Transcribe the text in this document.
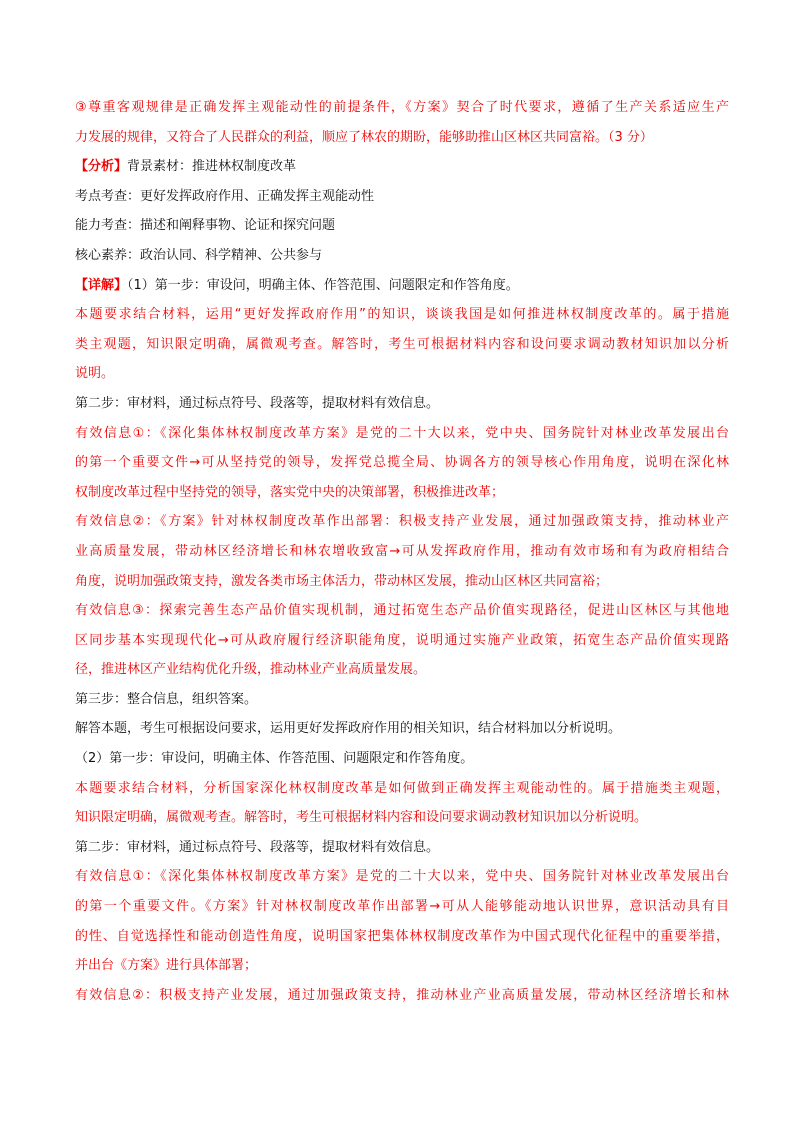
③尊重客观规律是正确发挥主观能动性的前提条件，《方案》契合了时代要求，遵循了生产关系适应生产
力发展的规律，又符合了人民群众的利益，顺应了林农的期盼，能够助推山区林区共同富裕。（3 分）
【分析】背景素材：推进林权制度改革
考点考查：更好发挥政府作用、正确发挥主观能动性
能力考查：描述和阐释事物、论证和探究问题
核心素养：政治认同、科学精神、公共参与
【详解】（1）第一步：审设问，明确主体、作答范围、问题限定和作答角度。
本题要求结合材料，运用“更好发挥政府作用”的知识，谈谈我国是如何推进林权制度改革的。属于措施
类主观题，知识限定明确，属微观考查。解答时，考生可根据材料内容和设问要求调动教材知识加以分析
说明。
第二步：审材料，通过标点符号、段落等，提取材料有效信息。
有效信息①：《深化集体林权制度改革方案》是党的二十大以来，党中央、国务院针对林业改革发展出台
的第一个重要文件→可从坚持党的领导，发挥党总揽全局、协调各方的领导核心作用角度，说明在深化林
权制度改革过程中坚持党的领导，落实党中央的决策部署，积极推进改革；
有效信息②：《方案》针对林权制度改革作出部署：积极支持产业发展，通过加强政策支持，推动林业产
业高质量发展，带动林区经济增长和林农增收致富→可从发挥政府作用，推动有效市场和有为政府相结合
角度，说明加强政策支持，激发各类市场主体活力，带动林区发展，推动山区林区共同富裕；
有效信息③：探索完善生态产品价值实现机制，通过拓宽生态产品价值实现路径，促进山区林区与其他地
区同步基本实现现代化→可从政府履行经济职能角度，说明通过实施产业政策，拓宽生态产品价值实现路
径，推进林区产业结构优化升级，推动林业产业高质量发展。
第三步：整合信息，组织答案。
解答本题，考生可根据设问要求，运用更好发挥政府作用的相关知识，结合材料加以分析说明。
（2）第一步：审设问，明确主体、作答范围、问题限定和作答角度。
本题要求结合材料，分析国家深化林权制度改革是如何做到正确发挥主观能动性的。属于措施类主观题，
知识限定明确，属微观考查。解答时，考生可根据材料内容和设问要求调动教材知识加以分析说明。
第二步：审材料，通过标点符号、段落等，提取材料有效信息。
有效信息①：《深化集体林权制度改革方案》是党的二十大以来，党中央、国务院针对林业改革发展出台
的第一个重要文件。《方案》针对林权制度改革作出部署→可从人能够能动地认识世界，意识活动具有目
的性、自觉选择性和能动创造性角度，说明国家把集体林权制度改革作为中国式现代化征程中的重要举措，
并出台《方案》进行具体部署；
有效信息②：积极支持产业发展，通过加强政策支持，推动林业产业高质量发展，带动林区经济增长和林
